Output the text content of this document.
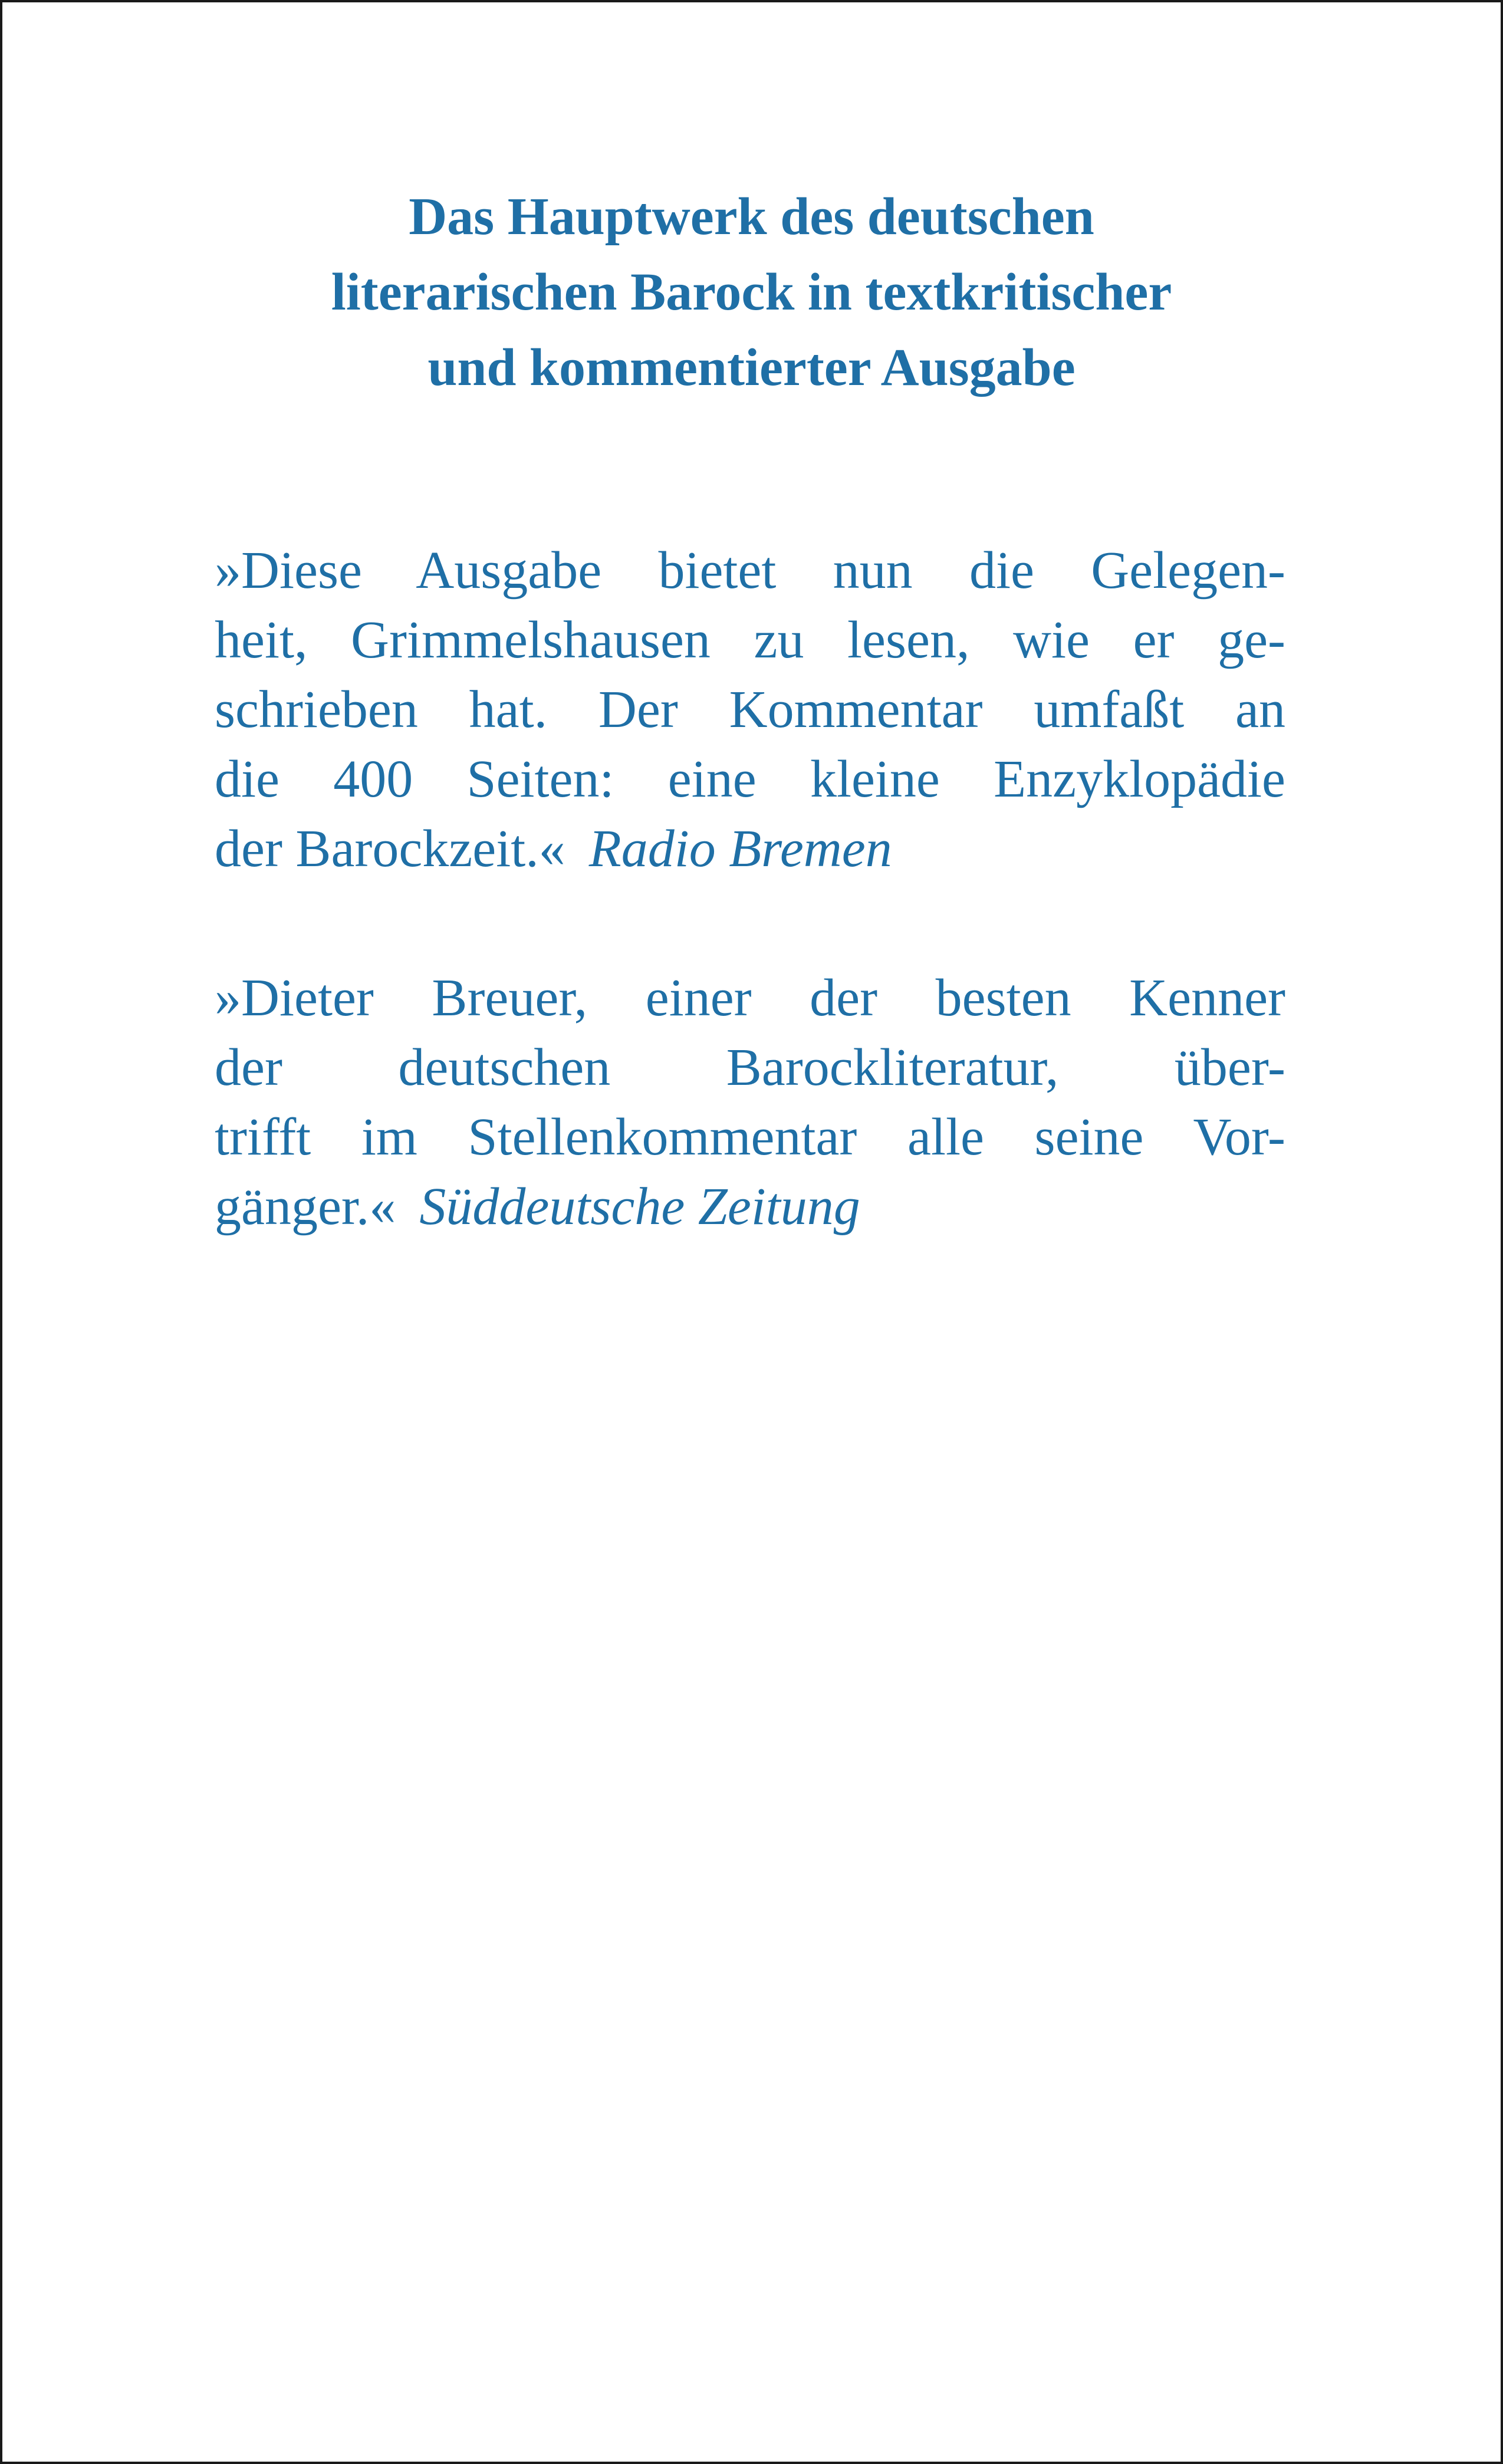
Das Hauptwerk des deutschen
literarischen Barock in textkritischer
und kommentierter Ausgabe
»Diese Ausgabe bietet nun die Gelegen-
heit, Grimmelshausen zu lesen, wie er ge-
schrieben hat. Der Kommentar umfaßt an
die 400 Seiten: eine kleine Enzyklopädie
der Barockzeit.« Radio Bremen
»Dieter Breuer, einer der besten Kenner
der deutschen Barockliteratur, über-
trifft im Stellenkommentar alle seine Vor-
gänger.« Süddeutsche Zeitung
